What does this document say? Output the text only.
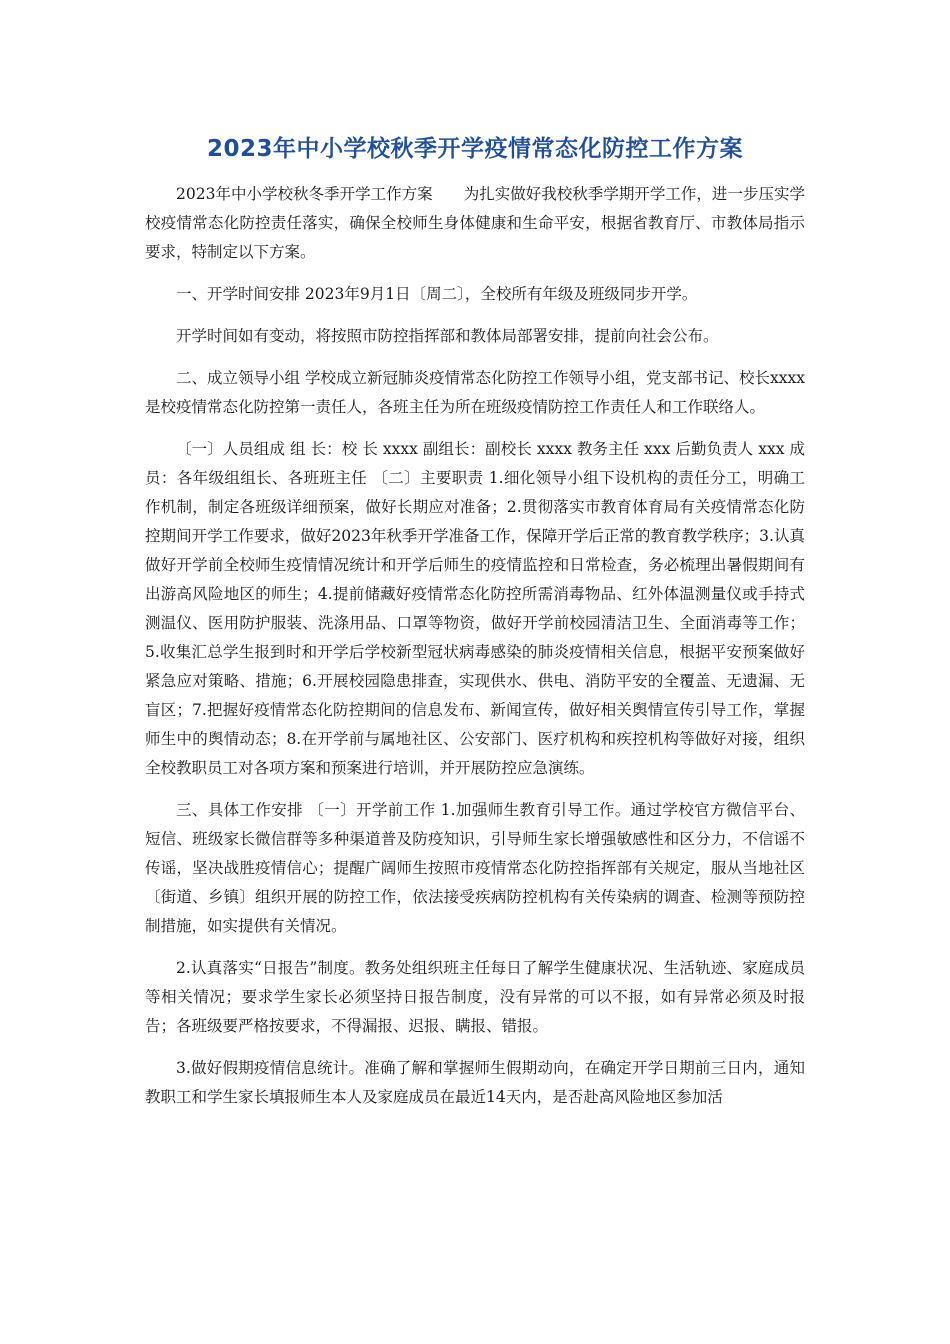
2023年中小学校秋季开学疫情常态化防控工作方案

2023年中小学校秋冬季开学工作方案　　为扎实做好我校秋季学期开学工作，进一步压实学校疫情常态化防控责任落实，确保全校师生身体健康和生命平安，根据省教育厅、市教体局指示要求，特制定以下方案。

一、开学时间安排 2023年9月1日〔周二〕，全校所有年级及班级同步开学。

开学时间如有变动，将按照市防控指挥部和教体局部署安排，提前向社会公布。

二、成立领导小组 学校成立新冠肺炎疫情常态化防控工作领导小组，党支部书记、校长xxxx是校疫情常态化防控第一责任人，各班主任为所在班级疫情防控工作责任人和工作联络人。

〔一〕人员组成 组 长：校 长 xxxx 副组长：副校长 xxxx 教务主任 xxx 后勤负责人 xxx 成 员：各年级组组长、各班班主任 〔二〕主要职责 1.细化领导小组下设机构的责任分工，明确工作机制，制定各班级详细预案，做好长期应对准备；2.贯彻落实市教育体育局有关疫情常态化防控期间开学工作要求，做好2023年秋季开学准备工作，保障开学后正常的教育教学秩序；3.认真做好开学前全校师生疫情情况统计和开学后师生的疫情监控和日常检查，务必梳理出暑假期间有出游高风险地区的师生；4.提前储藏好疫情常态化防控所需消毒物品、红外体温测量仪或手持式测温仪、医用防护服装、洗涤用品、口罩等物资，做好开学前校园清洁卫生、全面消毒等工作；5.收集汇总学生报到时和开学后学校新型冠状病毒感染的肺炎疫情相关信息，根据平安预案做好紧急应对策略、措施；6.开展校园隐患排查，实现供水、供电、消防平安的全覆盖、无遗漏、无盲区；7.把握好疫情常态化防控期间的信息发布、新闻宣传，做好相关舆情宣传引导工作，掌握师生中的舆情动态；8.在开学前与属地社区、公安部门、医疗机构和疾控机构等做好对接，组织全校教职员工对各项方案和预案进行培训，并开展防控应急演练。

三、具体工作安排 〔一〕开学前工作 1.加强师生教育引导工作。通过学校官方微信平台、短信、班级家长微信群等多种渠道普及防疫知识，引导师生家长增强敏感性和区分力，不信谣不传谣，坚决战胜疫情信心；提醒广阔师生按照市疫情常态化防控指挥部有关规定，服从当地社区〔街道、乡镇〕组织开展的防控工作，依法接受疾病防控机构有关传染病的调查、检测等预防控制措施，如实提供有关情况。

2.认真落实“日报告”制度。教务处组织班主任每日了解学生健康状况、生活轨迹、家庭成员等相关情况；要求学生家长必须坚持日报告制度，没有异常的可以不报，如有异常必须及时报告；各班级要严格按要求，不得漏报、迟报、瞒报、错报。

3.做好假期疫情信息统计。准确了解和掌握师生假期动向，在确定开学日期前三日内，通知教职工和学生家长填报师生本人及家庭成员在最近14天内，是否赴高风险地区参加活
